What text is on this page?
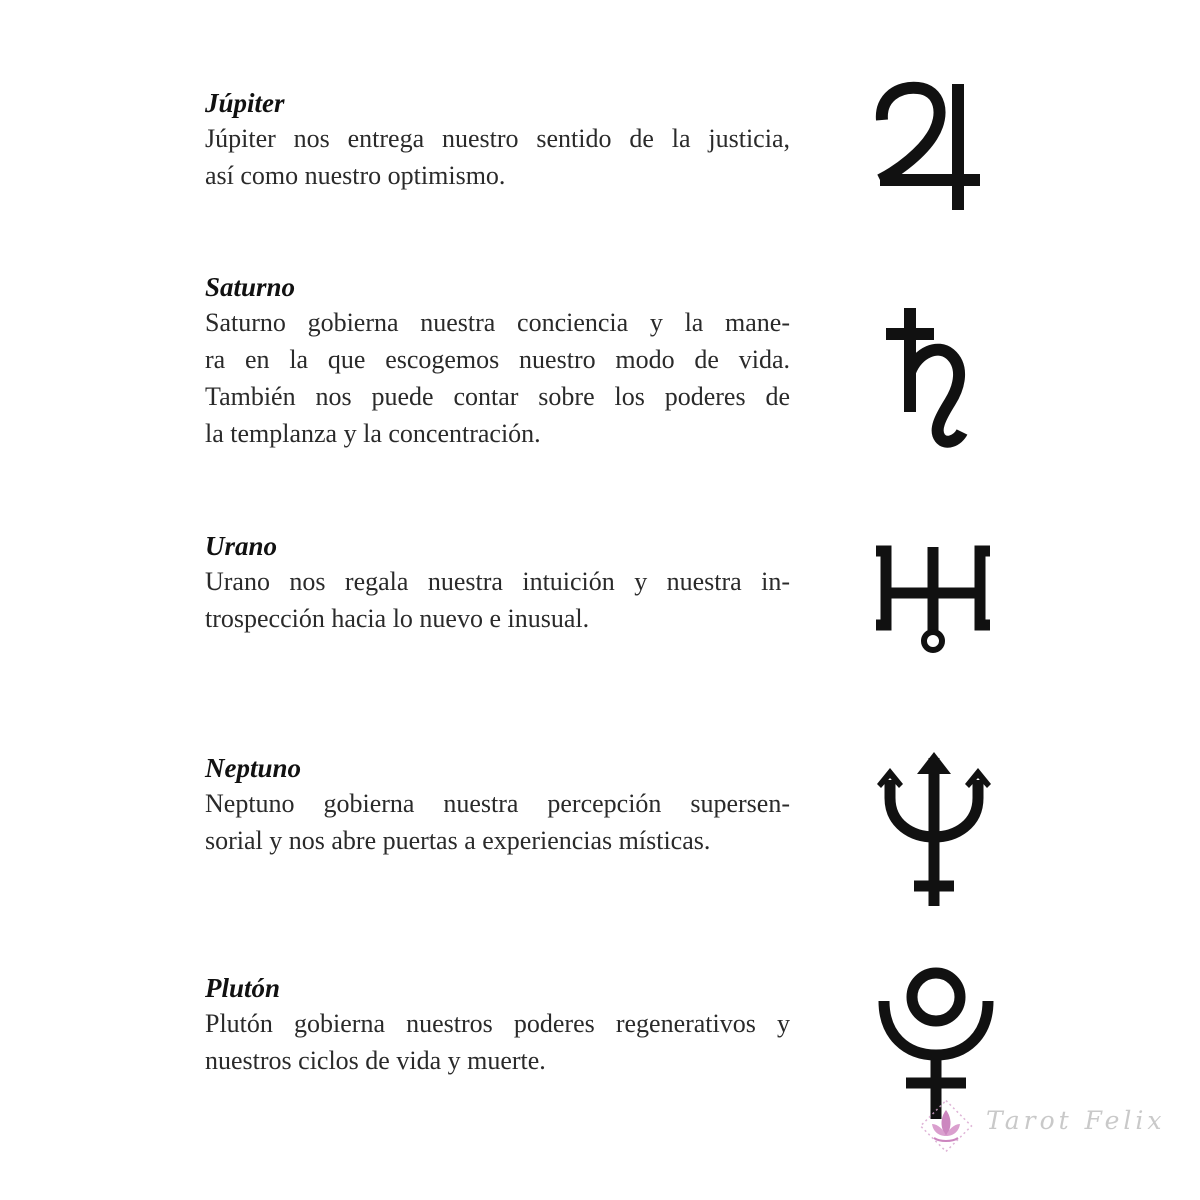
Júpiter
Júpiter nos entrega nuestro sentido de la justicia,
así como nuestro optimismo.
Saturno
Saturno gobierna nuestra conciencia y la mane-
ra en la que escogemos nuestro modo de vida.
También nos puede contar sobre los poderes de
la templanza y la concentración.
Urano
Urano nos regala nuestra intuición y nuestra in-
trospección hacia lo nuevo e inusual.
Neptuno
Neptuno gobierna nuestra percepción supersen-
sorial y nos abre puertas a experiencias místicas.
Plutón
Plutón gobierna nuestros poderes regenerativos y
nuestros ciclos de vida y muerte.
Tarot Felix
